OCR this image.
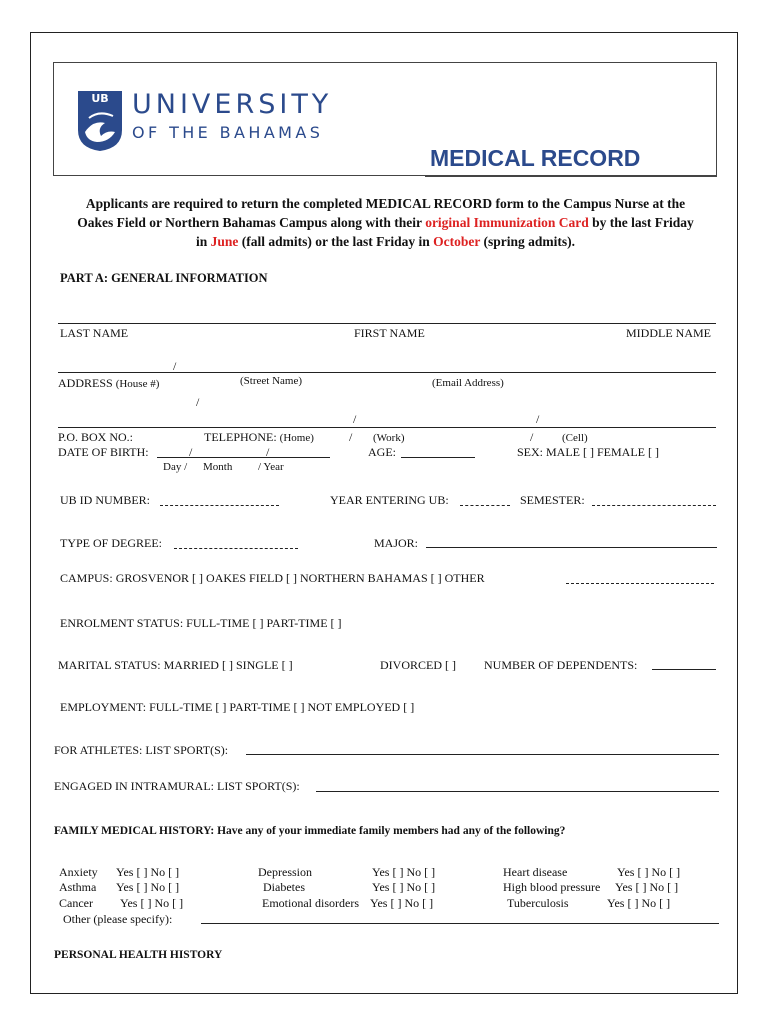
UB UNIVERSITY
OF THE BAHAMAS
MEDICAL RECORD
Applicants are required to return the completed MEDICAL RECORD form to the Campus Nurse at the
Oakes Field or Northern Bahamas Campus along with their original Immunization Card by the last Friday
in June (fall admits) or the last Friday in October (spring admits).
PART A: GENERAL INFORMATION
LAST NAME	FIRST NAME	MIDDLE NAME
/
ADDRESS (House #)	(Street Name)	(Email Address)
/
/	/
P.O. BOX NO.:	TELEPHONE: (Home)	/ (Work)	/	(Cell)
DATE OF BIRTH:	/	/
Day / Month / Year
AGE:	SEX: MALE [ ] FEMALE [ ]
UB ID NUMBER:	YEAR ENTERING UB:	SEMESTER:
TYPE OF DEGREE:	MAJOR:
CAMPUS: GROSVENOR [ ] OAKES FIELD [ ] NORTHERN BAHAMAS [ ] OTHER
ENROLMENT STATUS: FULL-TIME [ ] PART-TIME [ ]
MARITAL STATUS: MARRIED [ ] SINGLE [ ]	DIVORCED [ ] NUMBER OF DEPENDENTS:
EMPLOYMENT: FULL-TIME [ ] PART-TIME [ ] NOT EMPLOYED [ ]
FOR ATHLETES: LIST SPORT(S):
ENGAGED IN INTRAMURAL: LIST SPORT(S):
FAMILY MEDICAL HISTORY: Have any of your immediate family members had any of the following?
Anxiety Yes [ ] No [ ]	Depression	Yes [ ] No [ ]	Heart disease	Yes [ ] No [ ]
Asthma Yes [ ] No [ ]	Diabetes	Yes [ ] No [ ]	High blood pressure Yes [ ] No [ ]
Cancer Yes [ ] No [ ]	Emotional disorders Yes [ ] No [ ]	Tuberculosis	Yes [ ] No [ ]
Other (please specify):
PERSONAL HEALTH HISTORY
